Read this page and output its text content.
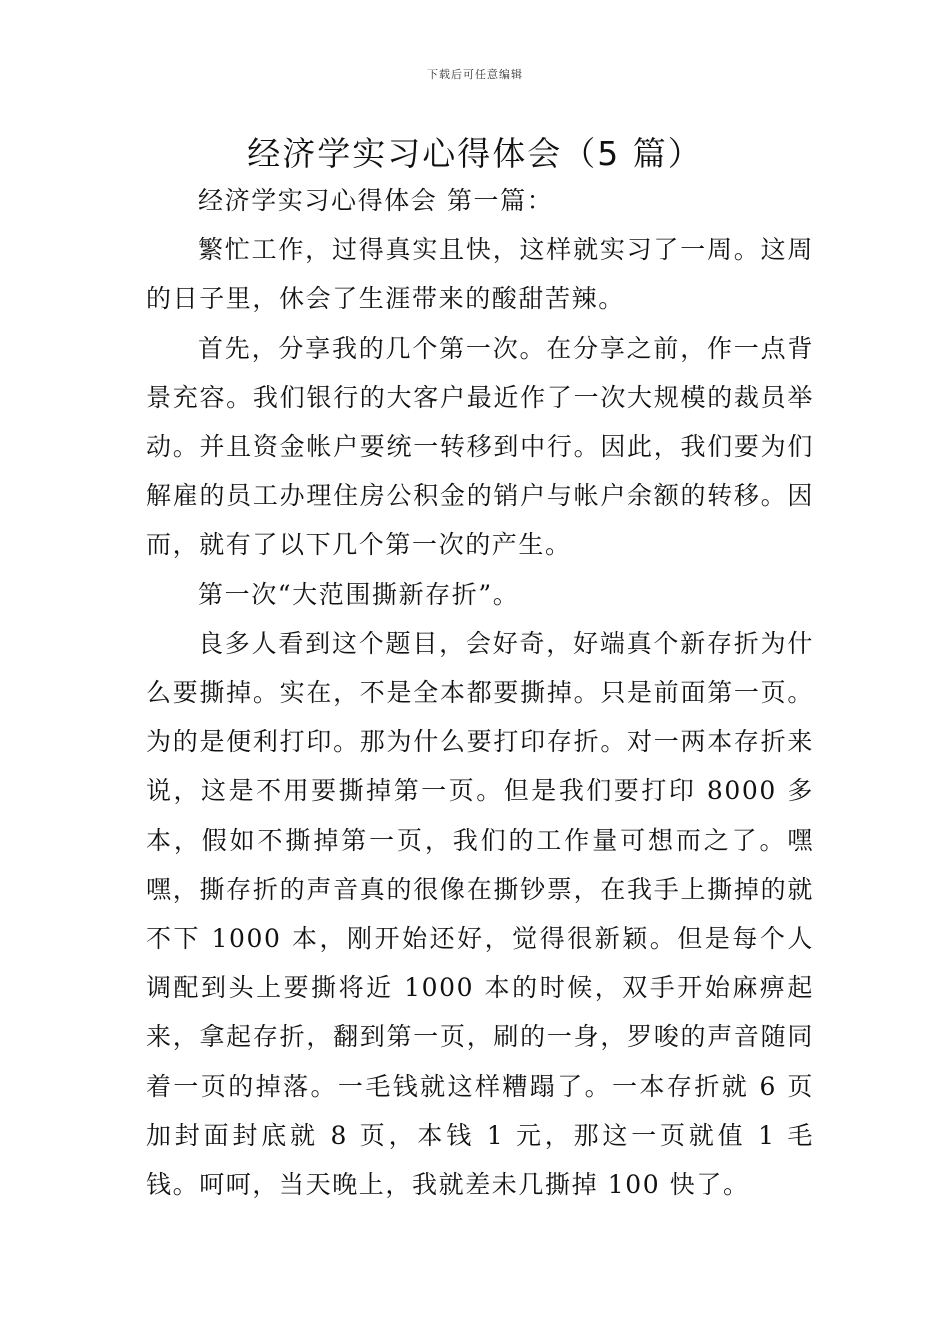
下载后可任意编辑
经济学实习心得体会（5 篇）

经济学实习心得体会 第一篇：

繁忙工作，过得真实且快，这样就实习了一周。这周的日子里，休会了生涯带来的酸甜苦辣。

首先，分享我的几个第一次。在分享之前，作一点背景充容。我们银行的大客户最近作了一次大规模的裁员举动。并且资金帐户要统一转移到中行。因此，我们要为们解雇的员工办理住房公积金的销户与帐户余额的转移。因而，就有了以下几个第一次的产生。

第一次“大范围撕新存折”。

良多人看到这个题目，会好奇，好端真个新存折为什么要撕掉。实在，不是全本都要撕掉。只是前面第一页。为的是便利打印。那为什么要打印存折。对一两本存折来说，这是不用要撕掉第一页。但是我们要打印 8000 多本，假如不撕掉第一页，我们的工作量可想而之了。嘿嘿，撕存折的声音真的很像在撕钞票，在我手上撕掉的就不下 1000 本，刚开始还好，觉得很新颖。但是每个人调配到头上要撕将近 1000 本的时候，双手开始麻痹起来，拿起存折，翻到第一页，刷的一身，罗唆的声音随同着一页的掉落。一毛钱就这样糟蹋了。一本存折就 6 页加封面封底就 8 页，本钱 1 元，那这一页就值 1 毛钱。呵呵，当天晚上，我就差未几撕掉 100 快了。
